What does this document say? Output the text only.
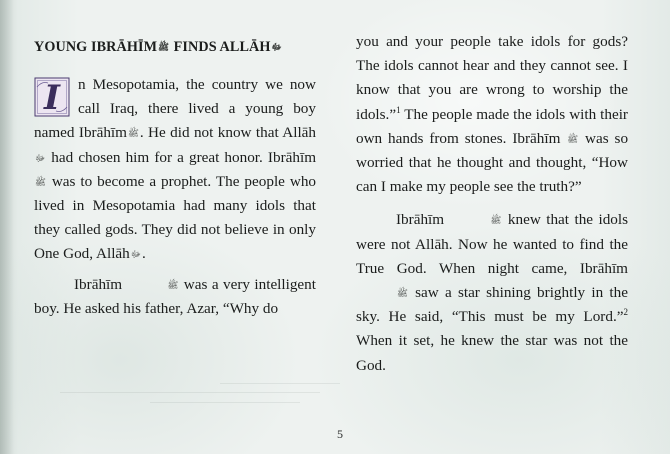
YOUNG IBRĀHĪMﷺ FINDS ALLĀHﷻ

I n Mesopotamia, the country we now call Iraq, there lived a young boy named Ibrāhīmﷺ. He did not know that Allāh ﷻ had chosen him for a great honor. Ibrāhīm ﷺ was to become a prophet. The people who lived in Mesopotamia had many idols that they called gods. They did not believe in only One God, Allāhﷻ.

Ibrāhīm	ﷺ was a very intelligent boy. He asked his father, Azar, “Why do

you and your people take idols for gods? The idols cannot hear and they cannot see. I know that you are wrong to worship the idols.”$^1$ The people made the idols with their own hands from stones. Ibrāhīm ﷺ was so worried that he thought and thought, “How can I make my people see the truth?”

Ibrāhīm	ﷺ knew that the idols were not Allāh. Now he wanted to find the True God. When night came, Ibrāhīm ﷺ saw a star shining brightly in the sky. He said, “This must be my Lord.”$^2$ When it set, he knew the star was not the God.

5
